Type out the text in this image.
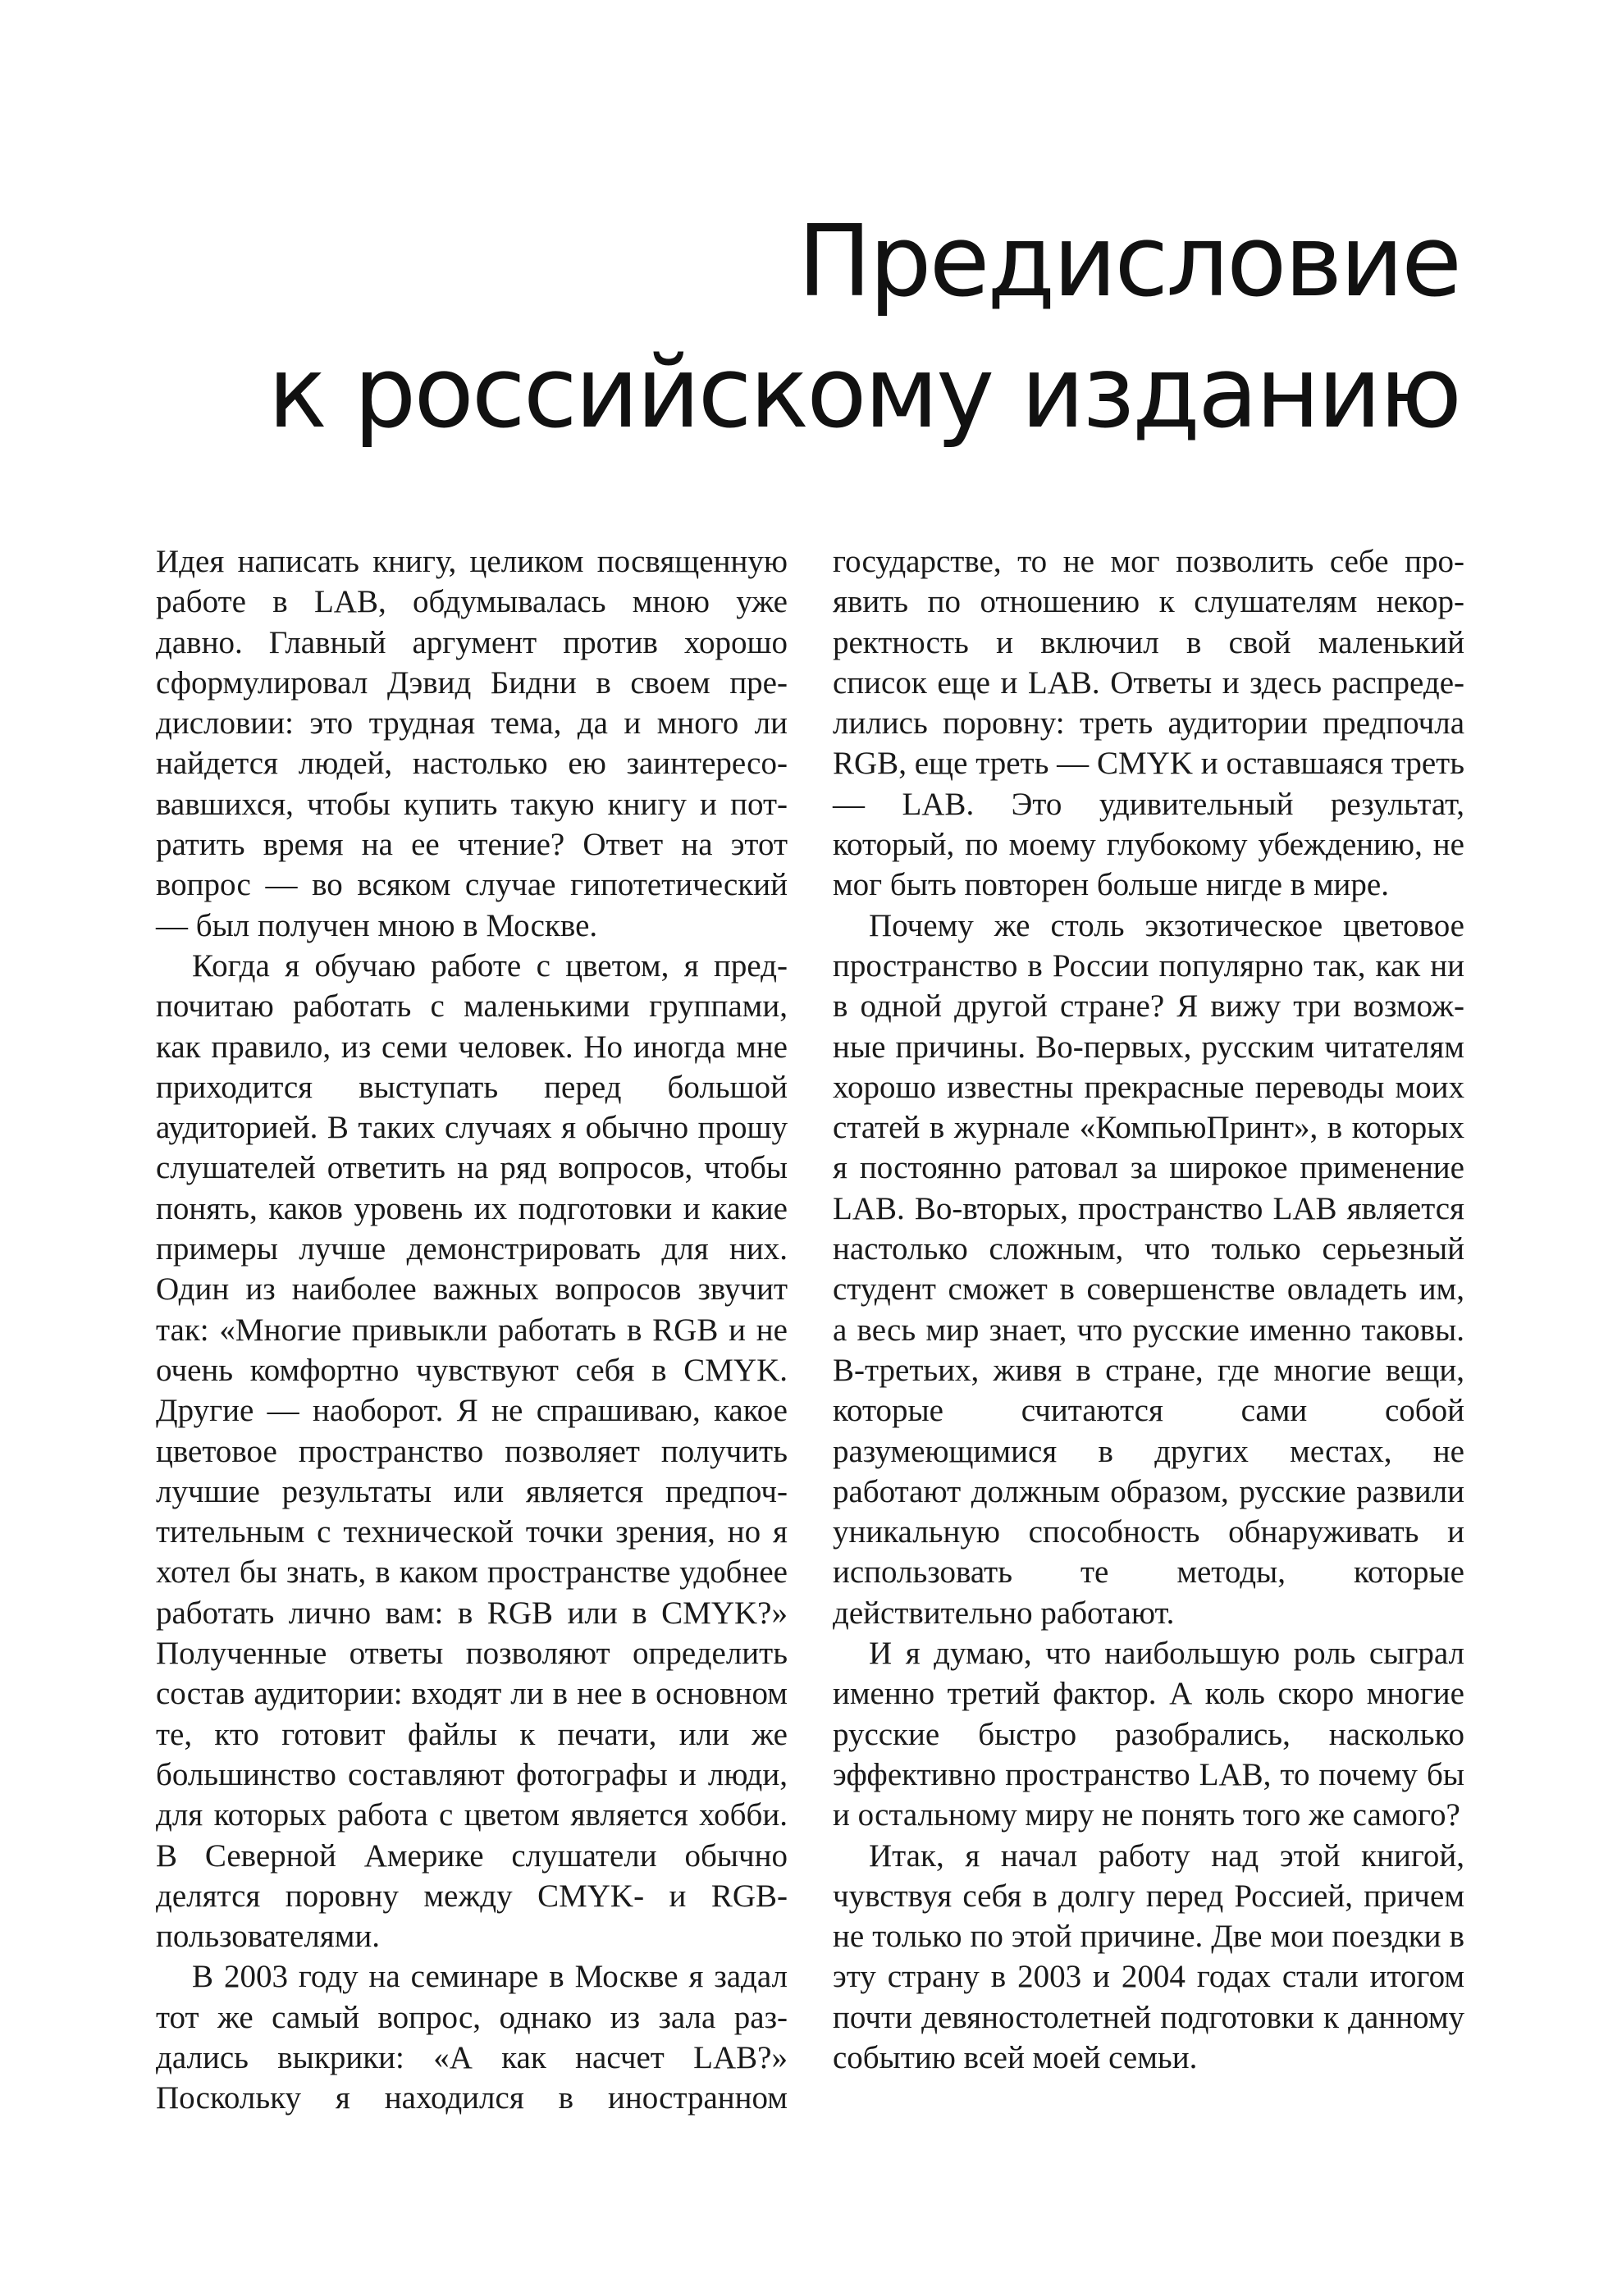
Предисловие
к российскому изданию

Идея написать книгу, целиком посвященную работе в LAB, обдумывалась мною уже давно. Главный аргумент против хорошо сформулировал Дэвид Бидни в своем предисловии: это трудная тема, да и много ли найдется людей, настолько ею заинтересовавшихся, чтобы купить такую книгу и потратить время на ее чтение? Ответ на этот вопрос — во всяком случае гипотетический — был получен мною в Москве.

Когда я обучаю работе с цветом, я предпочитаю работать с маленькими группами, как правило, из семи человек. Но иногда мне приходится выступать перед большой аудиторией. В таких случаях я обычно прошу слушателей ответить на ряд вопросов, чтобы понять, каков уровень их подготовки и какие примеры лучше демонстрировать для них. Один из наиболее важных вопросов звучит так: «Многие привыкли работать в RGB и не очень комфортно чувствуют себя в CMYK. Другие — наоборот. Я не спрашиваю, какое цветовое пространство позволяет получить лучшие результаты или является предпочтительным с технической точки зрения, но я хотел бы знать, в каком пространстве удобнее работать лично вам: в RGB или в CMYK?» Полученные ответы позволяют определить состав аудитории: входят ли в нее в основном те, кто готовит файлы к печати, или же большинство составляют фотографы и люди, для которых работа с цветом является хобби. В Северной Америке слушатели обычно делятся поровну между CMYK- и RGB-пользователями.

В 2003 году на семинаре в Москве я задал тот же самый вопрос, однако из зала раздались выкрики: «А как насчет LAB?» Поскольку я находился в иностранном

государстве, то не мог позволить себе проявить по отношению к слушателям некорректность и включил в свой маленький список еще и LAB. Ответы и здесь распределились поровну: треть аудитории предпочла RGB, еще треть — CMYK и оставшаяся треть — LAB. Это удивительный результат, который, по моему глубокому убеждению, не мог быть повторен больше нигде в мире.

Почему же столь экзотическое цветовое пространство в России популярно так, как ни в одной другой стране? Я вижу три возможные причины. Во-первых, русским читателям хорошо известны прекрасные переводы моих статей в журнале «КомпьюПринт», в которых я постоянно ратовал за широкое применение LAB. Во-вторых, пространство LAB является настолько сложным, что только серьезный студент сможет в совершенстве овладеть им, а весь мир знает, что русские именно таковы. В-третьих, живя в стране, где многие вещи, которые считаются сами собой разумеющимися в других местах, не работают должным образом, русские развили уникальную способность обнаруживать и использовать те методы, которые действительно работают.

И я думаю, что наибольшую роль сыграл именно третий фактор. А коль скоро многие русские быстро разобрались, насколько эффективно пространство LAB, то почему бы и остальному миру не понять того же самого?

Итак, я начал работу над этой книгой, чувствуя себя в долгу перед Россией, причем не только по этой причине. Две мои поездки в эту страну в 2003 и 2004 годах стали итогом почти девяностолетней подготовки к данному событию всей моей семьи.
